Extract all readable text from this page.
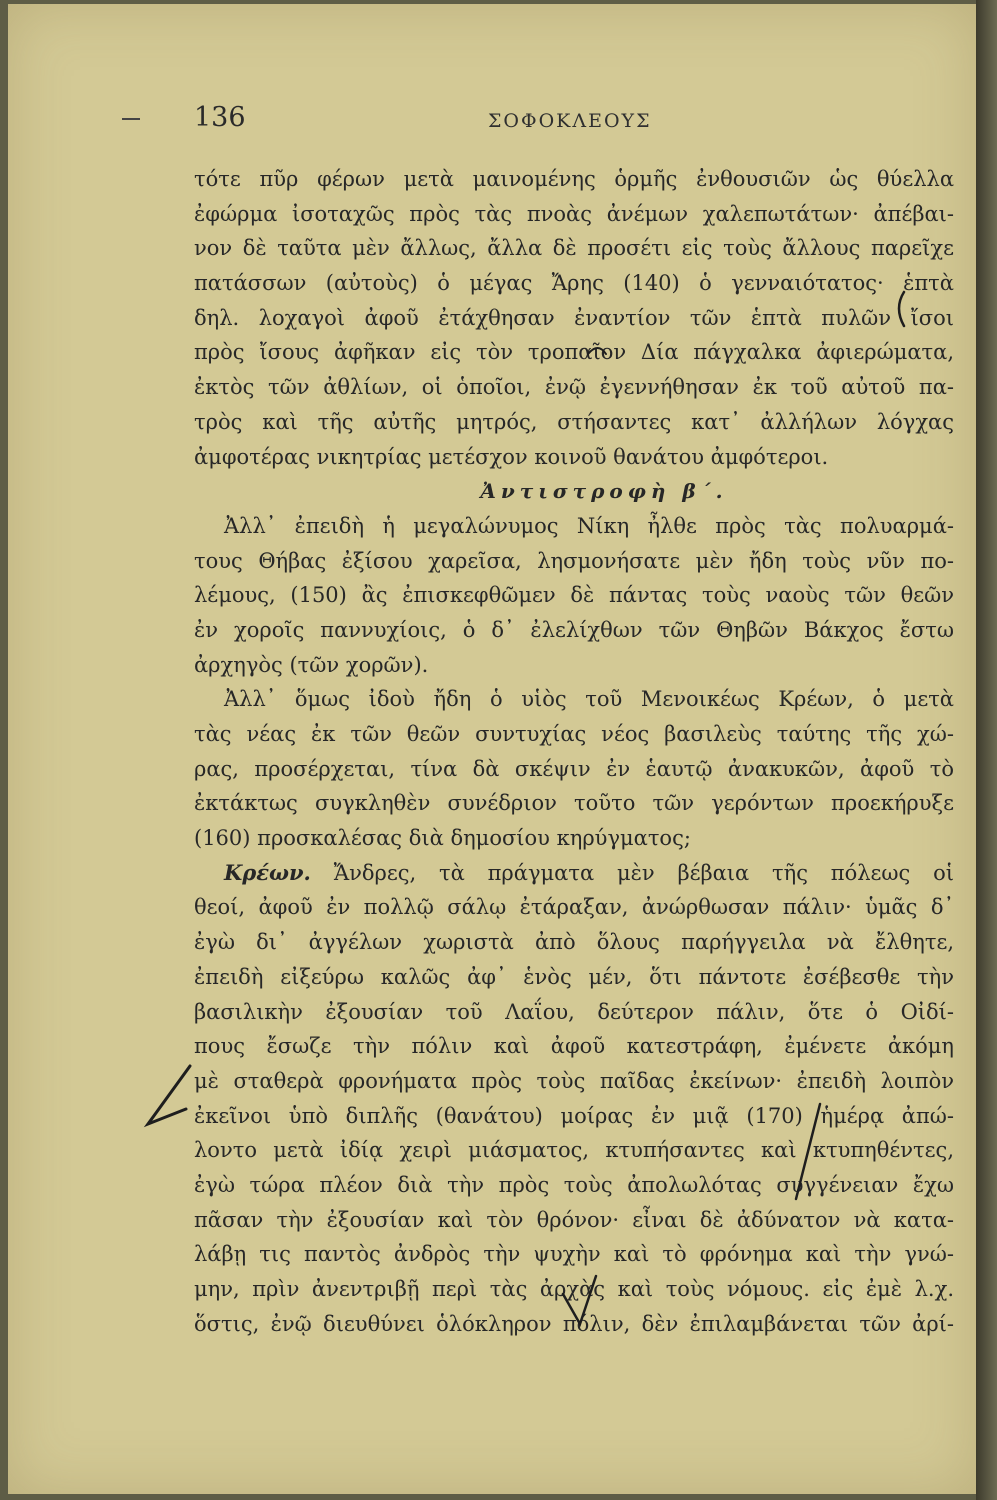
136	ΣΟΦΟΚΛΕΟΥΣ
τότε πῦρ φέρων μετὰ μαινομένης ὁρμῆς ἐνθουσιῶν ὡς θύελλα
ἐφώρμα ἰσοταχῶς πρὸς τὰς πνοὰς ἀνέμων χαλεπωτάτων· ἀπέβαι-
νον δὲ ταῦτα μὲν ἄλλως, ἄλλα δὲ προσέτι εἰς τοὺς ἄλλους παρεῖχε
πατάσσων (αὐτοὺς) ὁ μέγας Ἄρης (140) ὁ γενναιότατος· ἑπτὰ
δηλ. λοχαγοὶ ἀφοῦ ἐτάχθησαν ἐναντίον τῶν ἑπτὰ πυλῶν ἴσοι
πρὸς ἴσους ἀφῆκαν εἰς τὸν τροπαῖον Δία πάγχαλκα ἀφιερώματα,
ἐκτὸς τῶν ἀθλίων, οἱ ὁποῖοι, ἐνῷ ἐγεννήθησαν ἐκ τοῦ αὐτοῦ πα-
τρὸς καὶ τῆς αὐτῆς μητρός, στήσαντες κατ᾿ ἀλλήλων λόγχας
ἀμφοτέρας νικητρίας μετέσχον κοινοῦ θανάτου ἀμφότεροι.
Ἀντιστροφὴ β΄.
Ἀλλ᾿ ἐπειδὴ ἡ μεγαλώνυμος Νίκη ἦλθε πρὸς τὰς πολυαρμά-
τους Θήβας ἐξίσου χαρεῖσα, λησμονήσατε μὲν ἤδη τοὺς νῦν πο-
λέμους, (150) ἂς ἐπισκεφθῶμεν δὲ πάντας τοὺς ναοὺς τῶν θεῶν
ἐν χοροῖς παννυχίοις, ὁ δ᾿ ἐλελίχθων τῶν Θηβῶν Βάκχος ἔστω
ἀρχηγὸς (τῶν χορῶν).
Ἀλλ᾿ ὅμως ἰδοὺ ἤδη ὁ υἱὸς τοῦ Μενοικέως Κρέων, ὁ μετὰ
τὰς νέας ἐκ τῶν θεῶν συντυχίας νέος βασιλεὺς ταύτης τῆς χώ-
ρας, προσέρχεται, τίνα δὰ σκέψιν ἐν ἑαυτῷ ἀνακυκῶν, ἀφοῦ τὸ
ἐκτάκτως συγκληθὲν συνέδριον τοῦτο τῶν γερόντων προεκήρυξε
(160) προσκαλέσας διὰ δημοσίου κηρύγματος;
Κρέων. Ἄνδρες, τὰ πράγματα μὲν βέβαια τῆς πόλεως οἱ
θεοί, ἀφοῦ ἐν πολλῷ σάλῳ ἐτάραξαν, ἀνώρθωσαν πάλιν· ὑμᾶς δ᾿
ἐγὼ δι᾿ ἀγγέλων χωριστὰ ἀπὸ ὅλους παρήγγειλα νὰ ἔλθητε,
ἐπειδὴ εἰξεύρω καλῶς ἀφ᾿ ἑνὸς μέν, ὅτι πάντοτε ἐσέβεσθε τὴν
βασιλικὴν ἐξουσίαν τοῦ Λαΐου, δεύτερον πάλιν, ὅτε ὁ Οἰδί-
πους ἔσωζε τὴν πόλιν καὶ ἀφοῦ κατεστράφη, ἐμένετε ἀκόμη
μὲ σταθερὰ φρονήματα πρὸς τοὺς παῖδας ἐκείνων· ἐπειδὴ λοιπὸν
ἐκεῖνοι ὑπὸ διπλῆς (θανάτου) μοίρας ἐν μιᾷ (170) ἡμέρᾳ ἀπώ-
λοντο μετὰ ἰδίᾳ χειρὶ μιάσματος, κτυπήσαντες καὶ κτυπηθέντες,
ἐγὼ τώρα πλέον διὰ τὴν πρὸς τοὺς ἀπολωλότας συγγένειαν ἔχω
πᾶσαν τὴν ἐξουσίαν καὶ τὸν θρόνον· εἶναι δὲ ἀδύνατον νὰ κατα-
λάβῃ τις παντὸς ἀνδρὸς τὴν ψυχὴν καὶ τὸ φρόνημα καὶ τὴν γνώ-
μην, πρὶν ἀνεντριβῇ περὶ τὰς ἀρχὰς καὶ τοὺς νόμους. εἰς ἐμὲ λ.χ.
ὅστις, ἐνῷ διευθύνει ὁλόκληρον πόλιν, δὲν ἐπιλαμβάνεται τῶν ἀρί-
